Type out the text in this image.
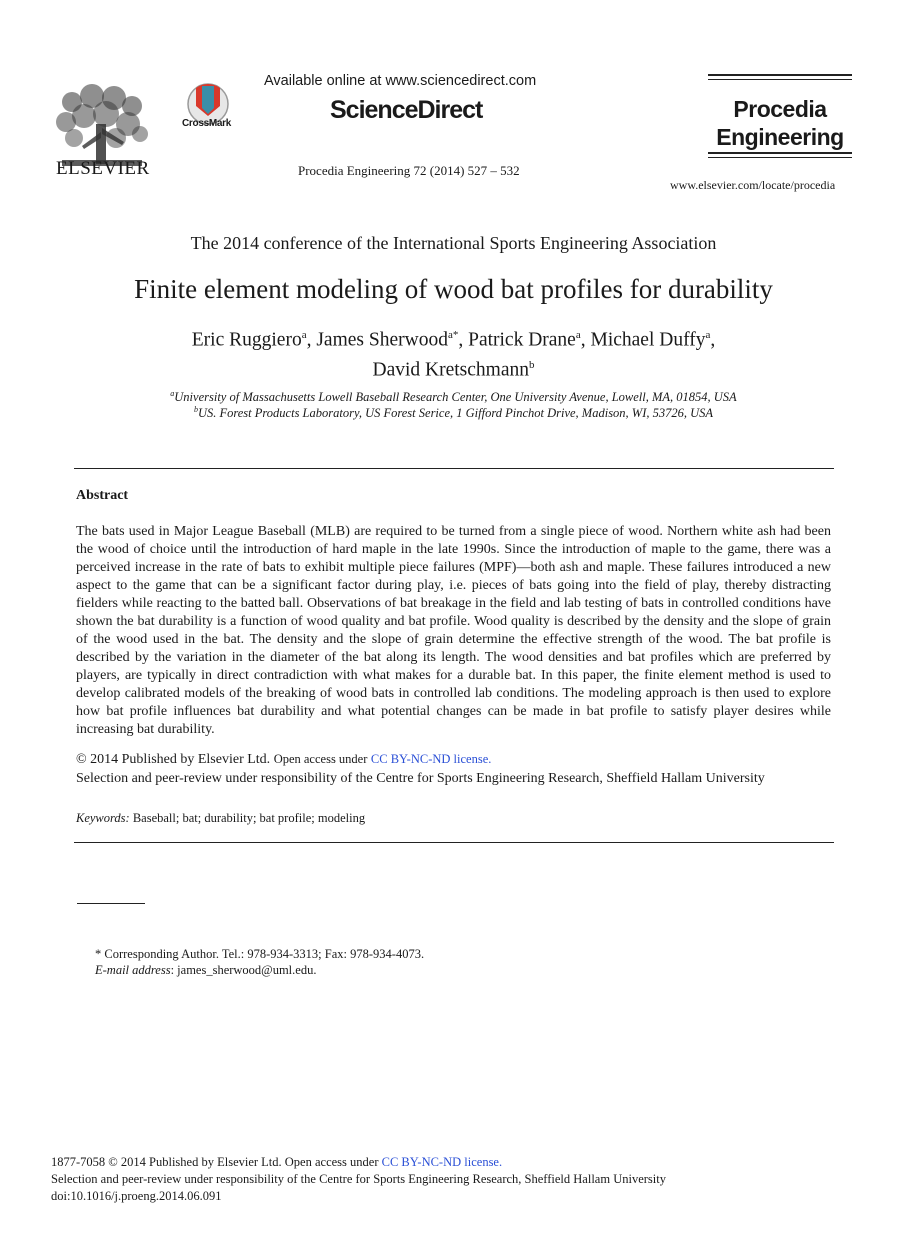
ELSEVIER
CrossMark
Available online at www.sciencedirect.com
ScienceDirect
Procedia Engineering 72 (2014) 527 – 532
Procedia
Engineering
www.elsevier.com/locate/procedia
The 2014 conference of the International Sports Engineering Association
Finite element modeling of wood bat profiles for durability
Eric Ruggiero$^a$, James Sherwood$^{a*}$, Patrick Drane$^a$, Michael Duffy$^a$,
David Kretschmann$^b$
$^a$University of Massachusetts Lowell Baseball Research Center, One University Avenue, Lowell, MA, 01854, USA
$^b$US. Forest Products Laboratory, US Forest Serice, 1 Gifford Pinchot Drive, Madison, WI, 53726, USA
Abstract
The bats used in Major League Baseball (MLB) are required to be turned from a single piece of wood. Northern white ash had been the wood of choice until the introduction of hard maple in the late 1990s. Since the introduction of maple to the game, there was a perceived increase in the rate of bats to exhibit multiple piece failures (MPF)—both ash and maple. These failures introduced a new aspect to the game that can be a significant factor during play, i.e. pieces of bats going into the field of play, thereby distracting fielders while reacting to the batted ball. Observations of bat breakage in the field and lab testing of bats in controlled conditions have shown the bat durability is a function of wood quality and bat profile. Wood quality is described by the density and the slope of grain of the wood used in the bat. The density and the slope of grain determine the effective strength of the wood. The bat profile is described by the variation in the diameter of the bat along its length. The wood densities and bat profiles which are preferred by players, are typically in direct contradiction with what makes for a durable bat. In this paper, the finite element method is used to develop calibrated models of the breaking of wood bats in controlled lab conditions. The modeling approach is then used to explore how bat profile influences bat durability and what potential changes can be made in bat profile to satisfy player desires while increasing bat durability.
© 2014 Published by Elsevier Ltd. Open access under CC BY-NC-ND license.
Selection and peer-review under responsibility of the Centre for Sports Engineering Research, Sheffield Hallam University
Keywords: Baseball; bat; durability; bat profile; modeling
* Corresponding Author. Tel.: 978-934-3313; Fax: 978-934-4073.
E-mail address: james_sherwood@uml.edu.
1877-7058 © 2014 Published by Elsevier Ltd. Open access under CC BY-NC-ND license.
Selection and peer-review under responsibility of the Centre for Sports Engineering Research, Sheffield Hallam University
doi:10.1016/j.proeng.2014.06.091
